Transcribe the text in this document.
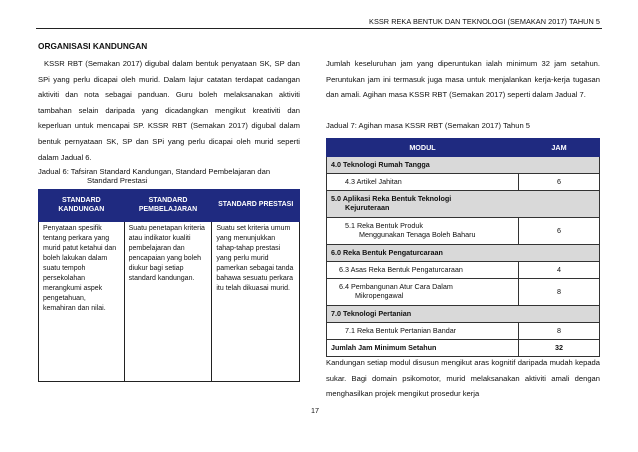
KSSR REKA BENTUK DAN TEKNOLOGI (SEMAKAN 2017) TAHUN 5
ORGANISASI KANDUNGAN

KSSR RBT (Semakan 2017) digubal dalam bentuk penyataan SK, SP dan SPi yang perlu dicapai oleh murid. Dalam lajur catatan terdapat cadangan aktiviti dan nota sebagai panduan. Guru boleh melaksanakan aktiviti tambahan selain daripada yang dicadangkan mengikut kreativiti dan keperluan untuk mencapai SP. KSSR RBT (Semakan 2017) digubal dalam bentuk pernyataan SK, SP dan SPi yang perlu dicapai oleh murid seperti dalam Jadual 6.

Jadual 6: Tafsiran Standard Kandungan, Standard Pembelajaran dan
Standard Prestasi
STANDARD KANDUNGAN	STANDARD PEMBELAJARAN	STANDARD PRESTASI
Penyataan spesifik tentang perkara yang murid patut ketahui dan boleh lakukan dalam suatu tempoh persekolahan merangkumi aspek pengetahuan, kemahiran dan nilai.	Suatu penetapan kriteria atau indikator kualiti pembelajaran dan pencapaian yang boleh diukur bagi setiap standard kandungan.	Suatu set kriteria umum yang menunjukkan tahap-tahap prestasi yang perlu murid pamerkan sebagai tanda bahawa sesuatu perkara itu telah dikuasai murid.

Jumlah keseluruhan jam yang diperuntukan ialah minimum 32 jam setahun. Peruntukan jam ini termasuk juga masa untuk menjalankan kerja-kerja tugasan dan amali. Agihan masa KSSR RBT (Semakan 2017) seperti dalam Jadual 7.

Jadual 7: Agihan masa KSSR RBT (Semakan 2017) Tahun 5
MODUL	JAM
4.0 Teknologi Rumah Tangga	
4.3 Artikel Jahitan	6
5.0 Aplikasi Reka Bentuk Teknologi
Kejuruteraan	
5.1 Reka Bentuk Produk
Menggunakan Tenaga Boleh Baharu	6
6.0 Reka Bentuk Pengaturcaraan	
6.3 Asas Reka Bentuk Pengaturcaraan	4
6.4 Pembangunan Atur Cara Dalam
Mikropengawal	8
7.0 Teknologi Pertanian	
7.1 Reka Bentuk Pertanian Bandar	8
Jumlah Jam Minimum Setahun	32

Kandungan setiap modul disusun mengikut aras kognitif daripada mudah kepada sukar. Bagi domain psikomotor, murid melaksanakan aktiviti amali dengan menghasilkan projek mengikut prosedur kerja

17
